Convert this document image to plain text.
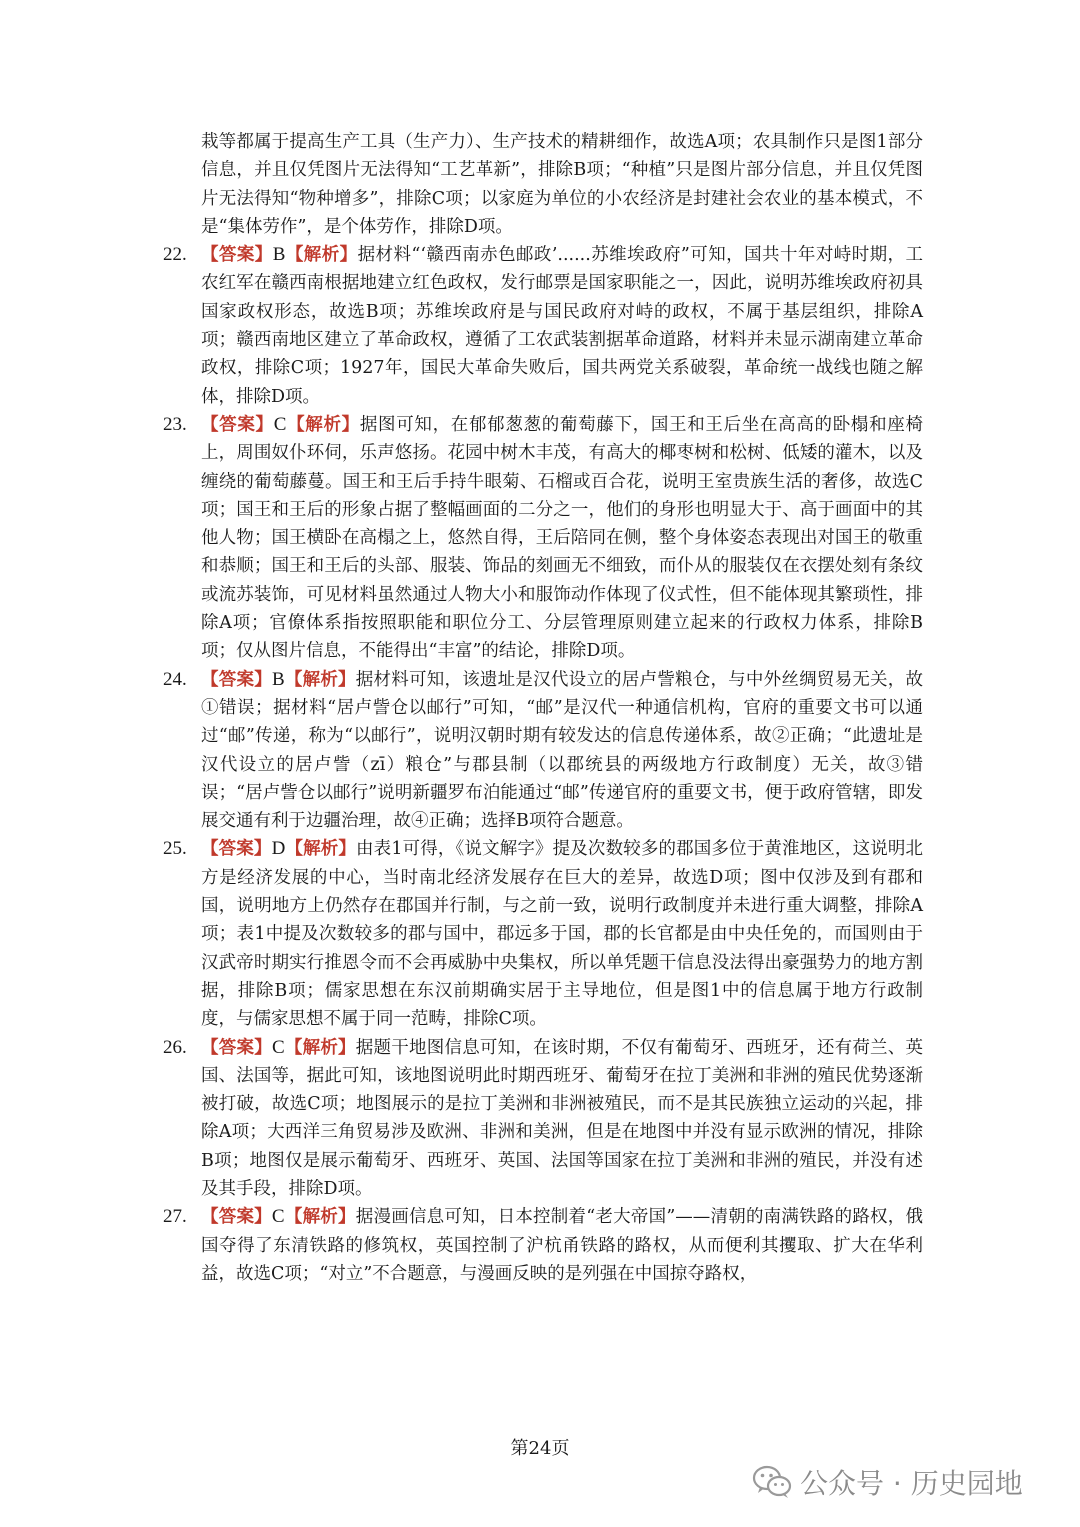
栽等都属于提高生产工具（生产力）、生产技术的精耕细作，故选A项；农具制作只是图1部分信息，并且仅凭图片无法得知“工艺革新”，排除B项；“种植”只是图片部分信息，并且仅凭图片无法得知“物种增多”，排除C项；以家庭为单位的小农经济是封建社会农业的基本模式，不是“集体劳作”，是个体劳作，排除D项。

22. 【答案】B【解析】据材料“‘赣西南赤色邮政’......苏维埃政府”可知，国共十年对峙时期，工农红军在赣西南根据地建立红色政权，发行邮票是国家职能之一，因此，说明苏维埃政府初具国家政权形态，故选B项；苏维埃政府是与国民政府对峙的政权，不属于基层组织，排除A项；赣西南地区建立了革命政权，遵循了工农武装割据革命道路，材料并未显示湖南建立革命政权，排除C项；1927年，国民大革命失败后，国共两党关系破裂，革命统一战线也随之解体，排除D项。

23. 【答案】C【解析】据图可知，在郁郁葱葱的葡萄藤下，国王和王后坐在高高的卧榻和座椅上，周围奴仆环伺，乐声悠扬。花园中树木丰茂，有高大的椰枣树和松树、低矮的灌木，以及缠绕的葡萄藤蔓。国王和王后手持牛眼菊、石榴或百合花，说明王室贵族生活的奢侈，故选C项；国王和王后的形象占据了整幅画面的二分之一，他们的身形也明显大于、高于画面中的其他人物；国王横卧在高榻之上，悠然自得，王后陪同在侧，整个身体姿态表现出对国王的敬重和恭顺；国王和王后的头部、服装、饰品的刻画无不细致，而仆从的服装仅在衣摆处刻有条纹或流苏装饰，可见材料虽然通过人物大小和服饰动作体现了仪式性，但不能体现其繁琐性，排除A项；官僚体系指按照职能和职位分工、分层管理原则建立起来的行政权力体系，排除B项；仅从图片信息，不能得出“丰富”的结论，排除D项。

24. 【答案】B【解析】据材料可知，该遗址是汉代设立的居卢訾粮仓，与中外丝绸贸易无关，故①错误；据材料“居卢訾仓以邮行”可知，“邮”是汉代一种通信机构，官府的重要文书可以通过“邮”传递，称为“以邮行”，说明汉朝时期有较发达的信息传递体系，故②正确；“此遗址是汉代设立的居卢訾（zī）粮仓”与郡县制（以郡统县的两级地方行政制度）无关，故③错误；“居卢訾仓以邮行”说明新疆罗布泊能通过“邮”传递官府的重要文书，便于政府管辖，即发展交通有利于边疆治理，故④正确；选择B项符合题意。

25. 【答案】D【解析】由表1可得，《说文解字》提及次数较多的郡国多位于黄淮地区，这说明北方是经济发展的中心，当时南北经济发展存在巨大的差异，故选D项；图中仅涉及到有郡和国，说明地方上仍然存在郡国并行制，与之前一致，说明行政制度并未进行重大调整，排除A项；表1中提及次数较多的郡与国中，郡远多于国，郡的长官都是由中央任免的，而国则由于汉武帝时期实行推恩令而不会再威胁中央集权，所以单凭题干信息没法得出豪强势力的地方割据，排除B项；儒家思想在东汉前期确实居于主导地位，但是图1中的信息属于地方行政制度，与儒家思想不属于同一范畴，排除C项。

26. 【答案】C【解析】据题干地图信息可知，在该时期，不仅有葡萄牙、西班牙，还有荷兰、英国、法国等，据此可知，该地图说明此时期西班牙、葡萄牙在拉丁美洲和非洲的殖民优势逐渐被打破，故选C项；地图展示的是拉丁美洲和非洲被殖民，而不是其民族独立运动的兴起，排除A项；大西洋三角贸易涉及欧洲、非洲和美洲，但是在地图中并没有显示欧洲的情况，排除B项；地图仅是展示葡萄牙、西班牙、英国、法国等国家在拉丁美洲和非洲的殖民，并没有述及其手段，排除D项。

27. 【答案】C【解析】据漫画信息可知，日本控制着“老大帝国”——清朝的南满铁路的路权，俄国夺得了东清铁路的修筑权，英国控制了沪杭甬铁路的路权，从而便利其攫取、扩大在华利益，故选C项；“对立”不合题意，与漫画反映的是列强在中国掠夺路权，

第24页
公众号 · 历史园地
